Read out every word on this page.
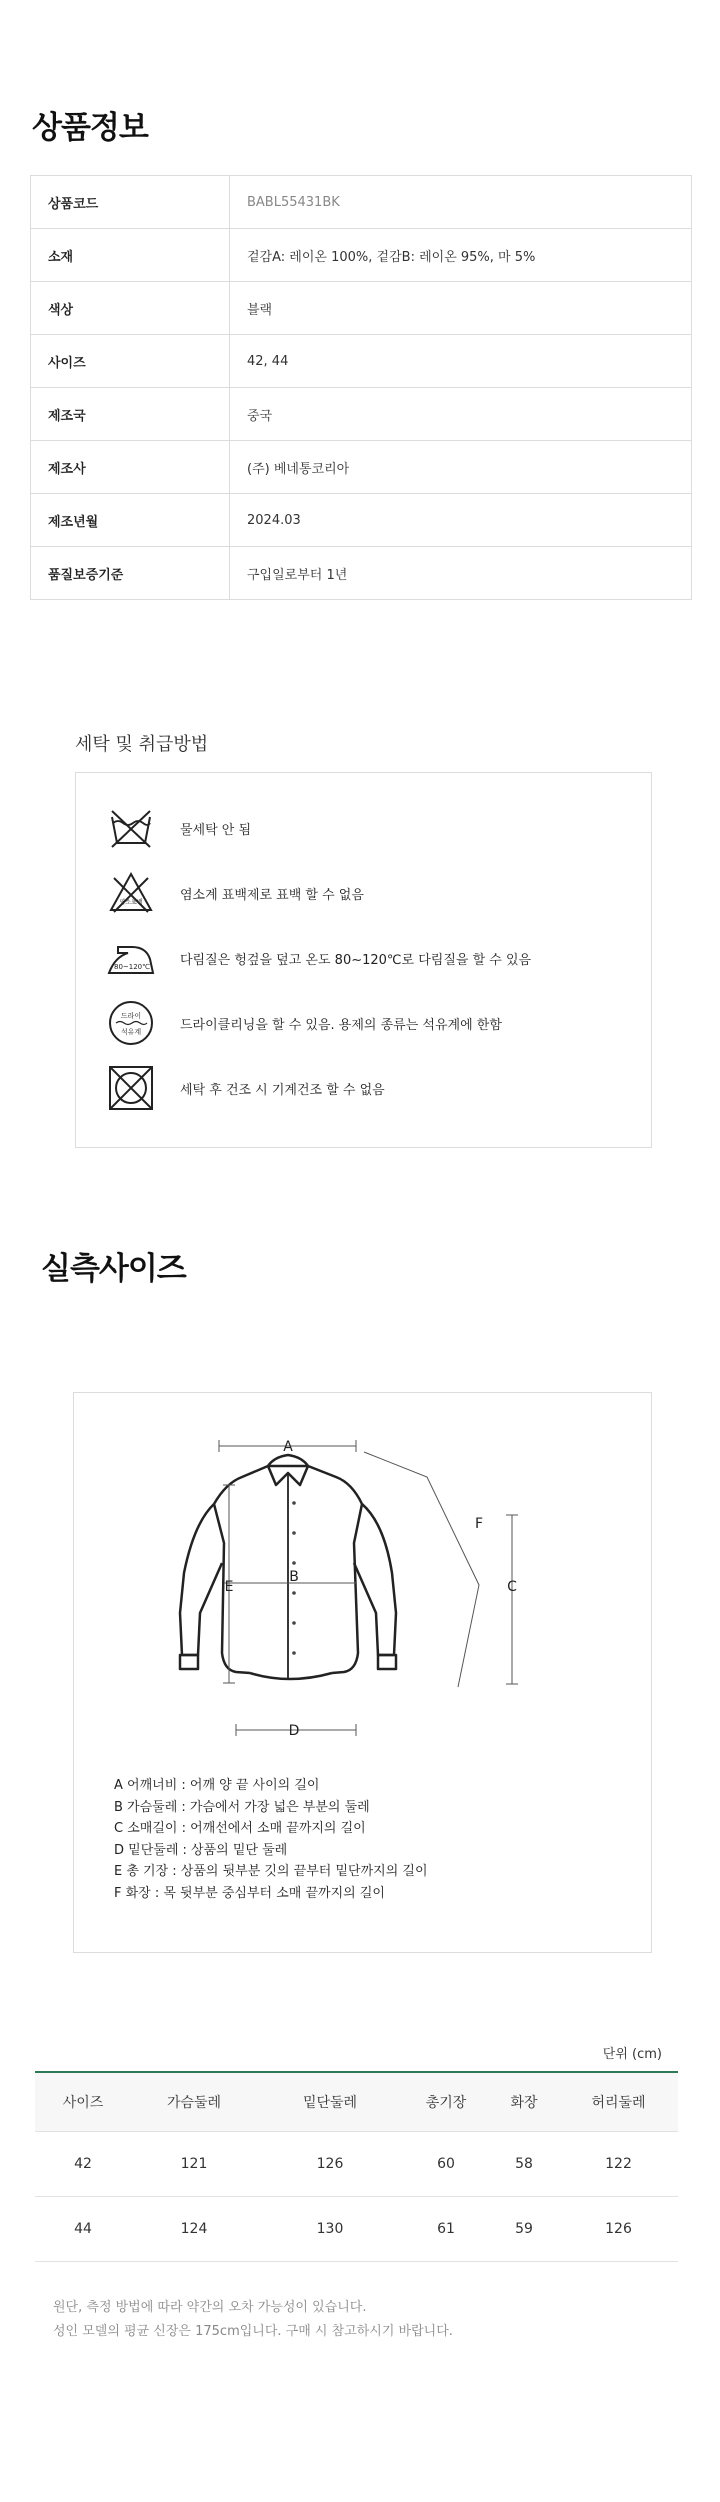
상품정보
상품코드	BABL55431BK
소재	겉감A: 레이온 100%, 겉감B: 레이온 95%, 마 5%
색상	블랙
사이즈	42, 44
제조국	중국
제조사	(주) 베네통코리아
제조년월	2024.03
품질보증기준	구입일로부터 1년
세탁 및 취급방법
물세탁 안 됨
염소표백	염소계 표백제로 표백 할 수 없음
80~120℃ 다림질은 헝겊을 덮고 온도 80~120℃로 다림질을 할 수 있음
드라이
석유계	드라이클리닝을 할 수 있음. 용제의 종류는 석유계에 한함
세탁 후 건조 시 기계건조 할 수 없음
실측사이즈
A
B
D
E	C
F
A 어깨너비 : 어깨 양 끝 사이의 길이
B 가슴둘레 : 가슴에서 가장 넓은 부분의 둘레
C 소매길이 : 어깨선에서 소매 끝까지의 길이
D 밑단둘레 : 상품의 밑단 둘레
E 총 기장 : 상품의 뒷부분 깃의 끝부터 밑단까지의 길이
F 화장 : 목 뒷부분 중심부터 소매 끝까지의 길이
단위 (cm)
사이즈	가슴둘레	밑단둘레	총기장	화장	허리둘레
42	121	126	60	58	122
44	124	130	61	59	126
원단, 측정 방법에 따라 약간의 오차 가능성이 있습니다.
성인 모델의 평균 신장은 175cm입니다. 구매 시 참고하시기 바랍니다.
